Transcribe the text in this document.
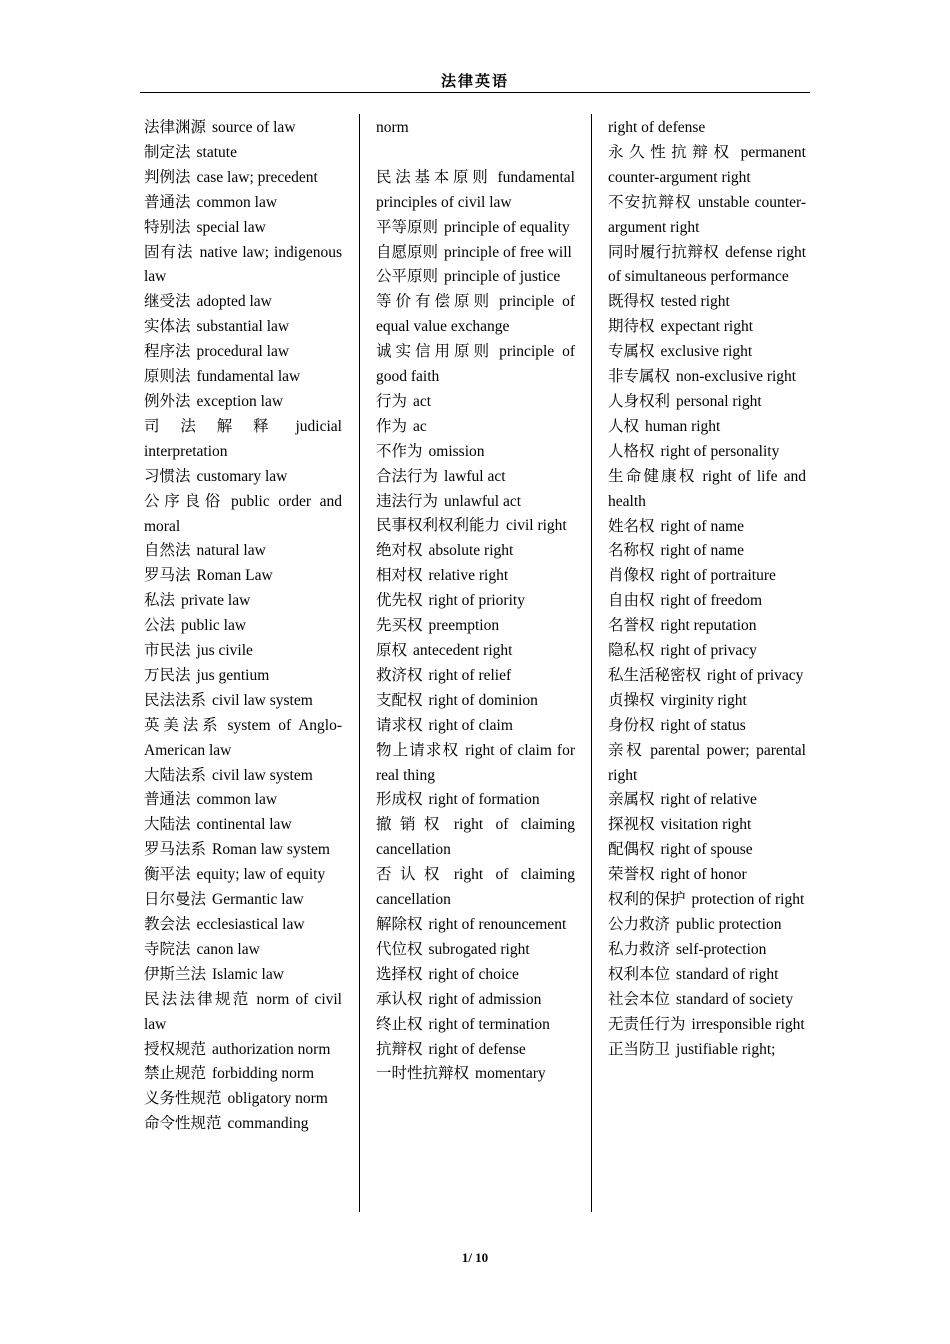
法律英语

法律渊源 source of law

制定法 statute

判例法 case law; precedent

普通法 common law

特别法 special law

固有法 native law; indigenous law

继受法 adopted law

实体法 substantial law

程序法 procedural law

原则法 fundamental law

例外法 exception law

司法解释 judicial interpretation

习惯法 customary law

公序良俗 public order and moral

自然法 natural law

罗马法 Roman Law

私法 private law

公法 public law

市民法 jus civile

万民法 jus gentium

民法法系 civil law system

英美法系 system of Anglo-American law

大陆法系 civil law system

普通法 common law

大陆法 continental law

罗马法系 Roman law system

衡平法 equity; law of equity

日尔曼法 Germantic law

教会法 ecclesiastical law

寺院法 canon law

伊斯兰法 Islamic law

民法法律规范 norm of civil law

授权规范 authorization norm

禁止规范 forbidding norm

义务性规范 obligatory norm

命令性规范 commanding

norm

民法基本原则 fundamental principles of civil law

平等原则 principle of equality

自愿原则 principle of free will

公平原则 principle of justice

等价有偿原则 principle of equal value exchange

诚实信用原则 principle of good faith

行为 act

作为 ac

不作为 omission

合法行为 lawful act

违法行为 unlawful act

民事权利权利能力 civil right

绝对权 absolute right

相对权 relative right

优先权 right of priority

先买权 preemption

原权 antecedent right

救济权 right of relief

支配权 right of dominion

请求权 right of claim

物上请求权 right of claim for real thing

形成权 right of formation

撤销权 right of claiming cancellation

否认权 right of claiming cancellation

解除权 right of renouncement

代位权 subrogated right

选择权 right of choice

承认权 right of admission

终止权 right of termination

抗辩权 right of defense

一时性抗辩权 momentary

right of defense

永久性抗辩权 permanent counter-argument right

不安抗辩权 unstable counter-argument right

同时履行抗辩权 defense right of simultaneous performance

既得权 tested right

期待权 expectant right

专属权 exclusive right

非专属权 non-exclusive right

人身权利 personal right

人权 human right

人格权 right of personality

生命健康权 right of life and health

姓名权 right of name

名称权 right of name

肖像权 right of portraiture

自由权 right of freedom

名誉权 right reputation

隐私权 right of privacy

私生活秘密权 right of privacy

贞操权 virginity right

身份权 right of status

亲权 parental power; parental right

亲属权 right of relative

探视权 visitation right

配偶权 right of spouse

荣誉权 right of honor

权利的保护 protection of right

公力救济 public protection

私力救济 self-protection

权利本位 standard of right

社会本位 standard of society

无责任行为 irresponsible right

正当防卫 justifiable right;

1/ 10
